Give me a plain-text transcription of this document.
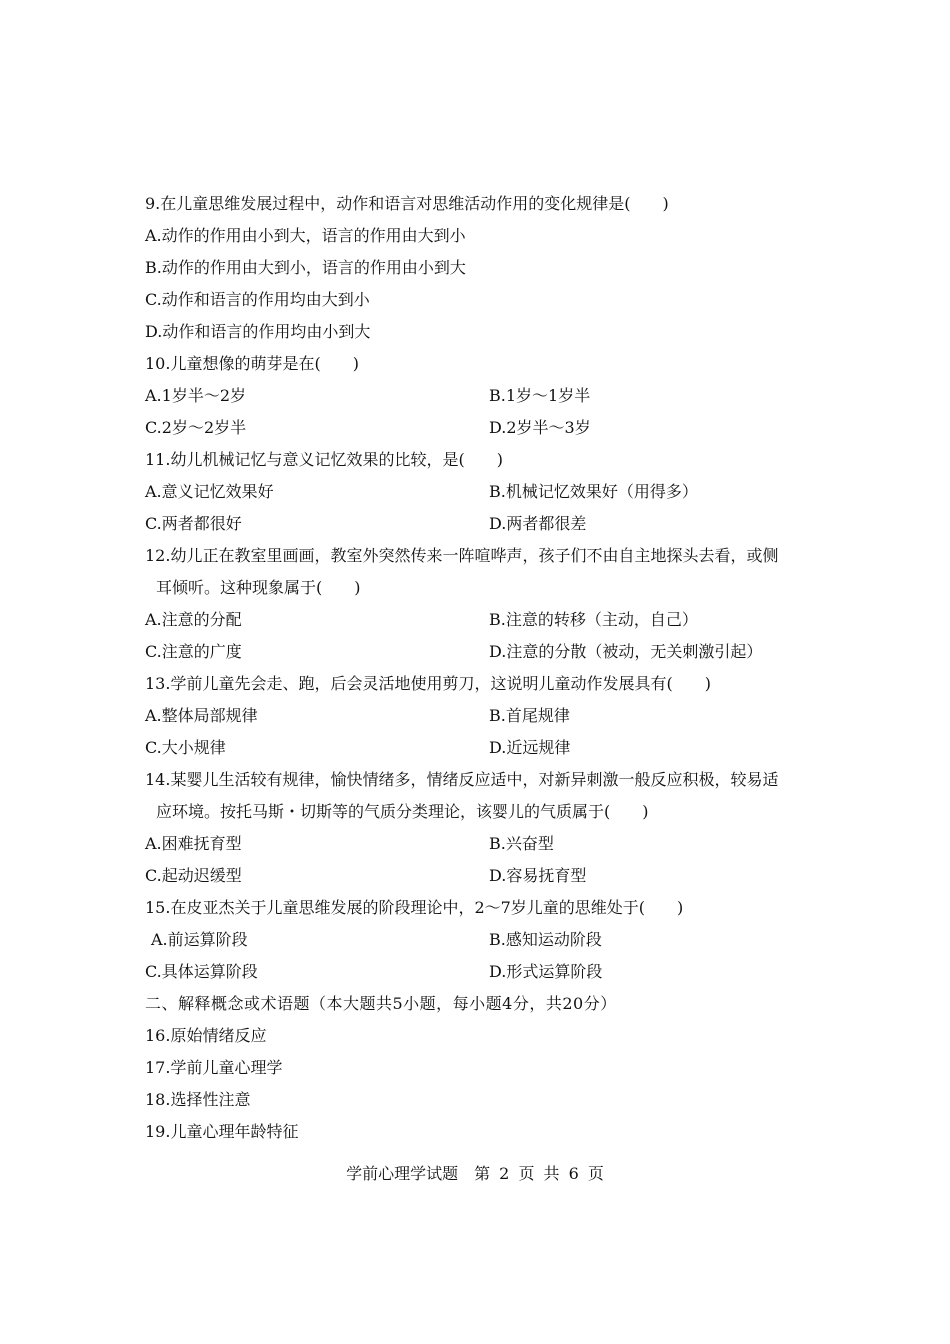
9.在儿童思维发展过程中，动作和语言对思维活动作用的变化规律是(　　)
A.动作的作用由小到大，语言的作用由大到小
B.动作的作用由大到小，语言的作用由小到大
C.动作和语言的作用均由大到小
D.动作和语言的作用均由小到大
10.儿童想像的萌芽是在(　　)
A.1岁半～2岁	B.1岁～1岁半
C.2岁～2岁半	D.2岁半～3岁
11.幼儿机械记忆与意义记忆效果的比较，是(　　)
A.意义记忆效果好	B.机械记忆效果好（用得多）
C.两者都很好	D.两者都很差
12.幼儿正在教室里画画，教室外突然传来一阵喧哗声，孩子们不由自主地探头去看，或侧
耳倾听。这种现象属于(　　)
A.注意的分配	B.注意的转移（主动，自己）
C.注意的广度	D.注意的分散（被动，无关刺激引起）
13.学前儿童先会走、跑，后会灵活地使用剪刀，这说明儿童动作发展具有(　　)
A.整体局部规律	B.首尾规律
C.大小规律	D.近远规律
14.某婴儿生活较有规律，愉快情绪多，情绪反应适中，对新异刺激一般反应积极，较易适
应环境。按托马斯・切斯等的气质分类理论，该婴儿的气质属于(　　)
A.困难抚育型	B.兴奋型
C.起动迟缓型	D.容易抚育型
15.在皮亚杰关于儿童思维发展的阶段理论中，2～7岁儿童的思维处于(　　)
A.前运算阶段	B.感知运动阶段
C.具体运算阶段	D.形式运算阶段
二、解释概念或术语题（本大题共5小题，每小题4分，共20分）
16.原始情绪反应
17.学前儿童心理学
18.选择性注意
19.儿童心理年龄特征
学前心理学试题　第 2 页 共 6 页
